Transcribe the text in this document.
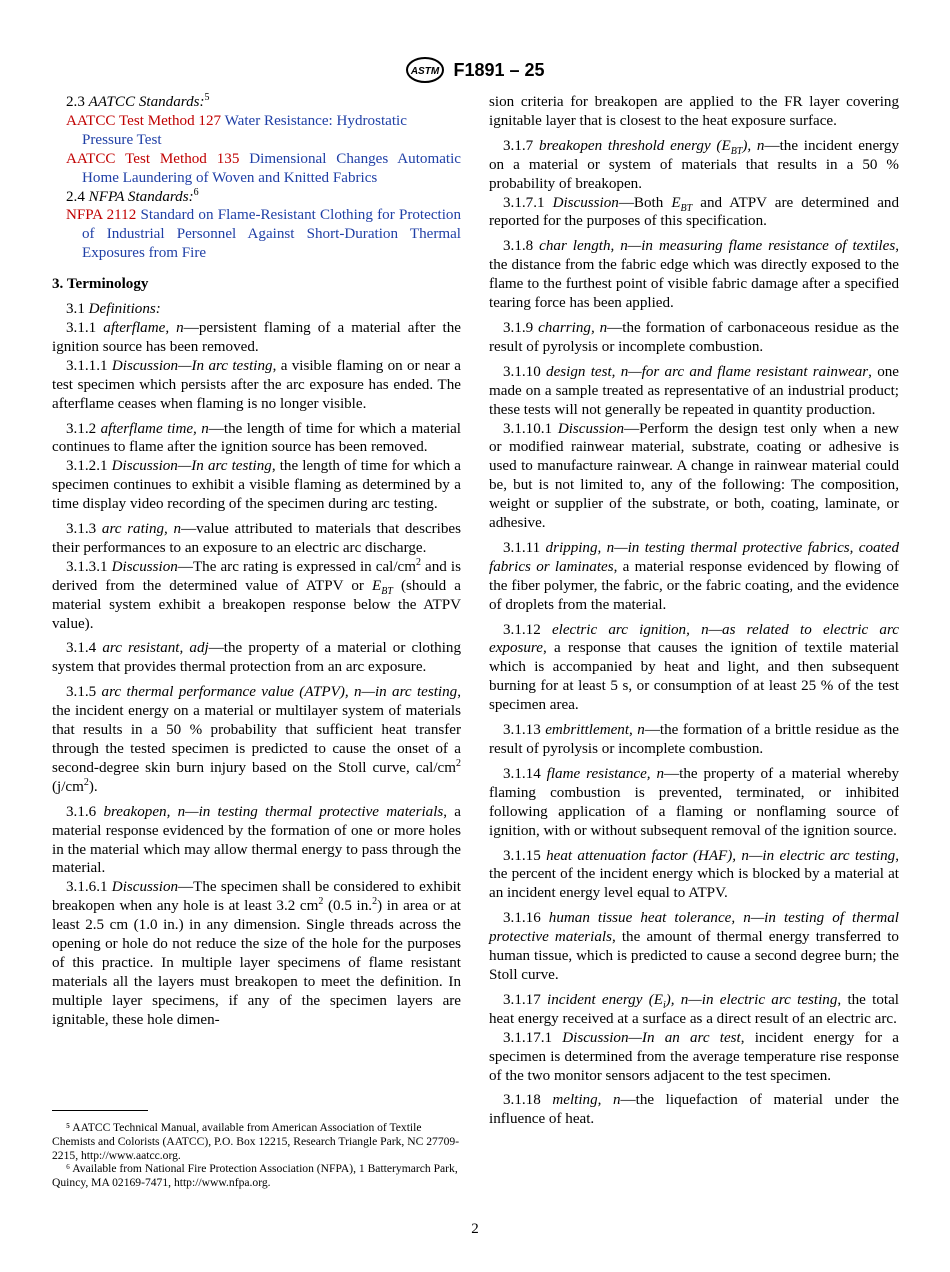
ASTM F1891 – 25

2.3 AATCC Standards:$^5$

AATCC Test Method 127 Water Resistance: Hydrostatic Pressure Test

AATCC Test Method 135 Dimensional Changes Automatic Home Laundering of Woven and Knitted Fabrics

2.4 NFPA Standards:$^6$

NFPA 2112 Standard on Flame-Resistant Clothing for Protection of Industrial Personnel Against Short-Duration Thermal Exposures from Fire

3. Terminology

3.1 Definitions:

3.1.1 afterflame, n—persistent flaming of a material after the ignition source has been removed.

3.1.1.1 Discussion—In arc testing, a visible flaming on or near a test specimen which persists after the arc exposure has ended. The afterflame ceases when flaming is no longer visible.

3.1.2 afterflame time, n—the length of time for which a material continues to flame after the ignition source has been removed.

3.1.2.1 Discussion—In arc testing, the length of time for which a specimen continues to exhibit a visible flaming as determined by a time display video recording of the specimen during arc testing.

3.1.3 arc rating, n—value attributed to materials that describes their performances to an exposure to an electric arc discharge.

3.1.3.1 Discussion—The arc rating is expressed in cal/$cm^2$ and is derived from the determined value of ATPV or $E_{BT}$ (should a material system exhibit a breakopen response below the ATPV value).

3.1.4 arc resistant, adj—the property of a material or clothing system that provides thermal protection from an arc exposure.

3.1.5 arc thermal performance value (ATPV), n—in arc testing, the incident energy on a material or multilayer system of materials that results in a 50 % probability that sufficient heat transfer through the tested specimen is predicted to cause the onset of a second-degree skin burn injury based on the Stoll curve, cal/$cm^2$ $(j/cm^2)$.

3.1.6 breakopen, n—in testing thermal protective materials, a material response evidenced by the formation of one or more holes in the material which may allow thermal energy to pass through the material.

3.1.6.1 Discussion—The specimen shall be considered to exhibit breakopen when any hole is at least 3.2 $cm^2$ (0.5 in.$^2$) in area or at least 2.5 cm (1.0 in.) in any dimension. Single threads across the opening or hole do not reduce the size of the hole for the purposes of this practice. In multiple layer specimens of flame resistant materials all the layers must breakopen to meet the definition. In multiple layer specimens, if any of the specimen layers are ignitable, these hole dimen-

⁵ AATCC Technical Manual, available from American Association of Textile Chemists and Colorists (AATCC), P.O. Box 12215, Research Triangle Park, NC 27709-2215, http://www.aatcc.org.

⁶ Available from National Fire Protection Association (NFPA), 1 Batterymarch Park, Quincy, MA 02169-7471, http://www.nfpa.org.

sion criteria for breakopen are applied to the FR layer covering ignitable layer that is closest to the heat exposure surface.

3.1.7 breakopen threshold energy $(E_{BT})$, n—the incident energy on a material or system of materials that results in a 50 % probability of breakopen.

3.1.7.1 Discussion—Both $E_{BT}$ and ATPV are determined and reported for the purposes of this specification.

3.1.8 char length, n—in measuring flame resistance of textiles, the distance from the fabric edge which was directly exposed to the flame to the furthest point of visible fabric damage after a specified tearing force has been applied.

3.1.9 charring, n—the formation of carbonaceous residue as the result of pyrolysis or incomplete combustion.

3.1.10 design test, n—for arc and flame resistant rainwear, one made on a sample treated as representative of an industrial product; these tests will not generally be repeated in quantity production.

3.1.10.1 Discussion—Perform the design test only when a new or modified rainwear material, substrate, coating or adhesive is used to manufacture rainwear. A change in rainwear material could be, but is not limited to, any of the following: The composition, weight or supplier of the substrate, or both, coating, laminate, or adhesive.

3.1.11 dripping, n—in testing thermal protective fabrics, coated fabrics or laminates, a material response evidenced by flowing of the fiber polymer, the fabric, or the fabric coating, and the evidence of droplets from the material.

3.1.12 electric arc ignition, n—as related to electric arc exposure, a response that causes the ignition of textile material which is accompanied by heat and light, and then subsequent burning for at least 5 s, or consumption of at least 25 % of the test specimen area.

3.1.13 embrittlement, n—the formation of a brittle residue as the result of pyrolysis or incomplete combustion.

3.1.14 flame resistance, n—the property of a material whereby flaming combustion is prevented, terminated, or inhibited following application of a flaming or nonflaming source of ignition, with or without subsequent removal of the ignition source.

3.1.15 heat attenuation factor (HAF), n—in electric arc testing, the percent of the incident energy which is blocked by a material at an incident energy level equal to ATPV.

3.1.16 human tissue heat tolerance, n—in testing of thermal protective materials, the amount of thermal energy transferred to human tissue, which is predicted to cause a second degree burn; the Stoll curve.

3.1.17 incident energy $(E_i)$, n—in electric arc testing, the total heat energy received at a surface as a direct result of an electric arc.

3.1.17.1 Discussion—In an arc test, incident energy for a specimen is determined from the average temperature rise response of the two monitor sensors adjacent to the test specimen.

3.1.18 melting, n—the liquefaction of material under the influence of heat.

2
